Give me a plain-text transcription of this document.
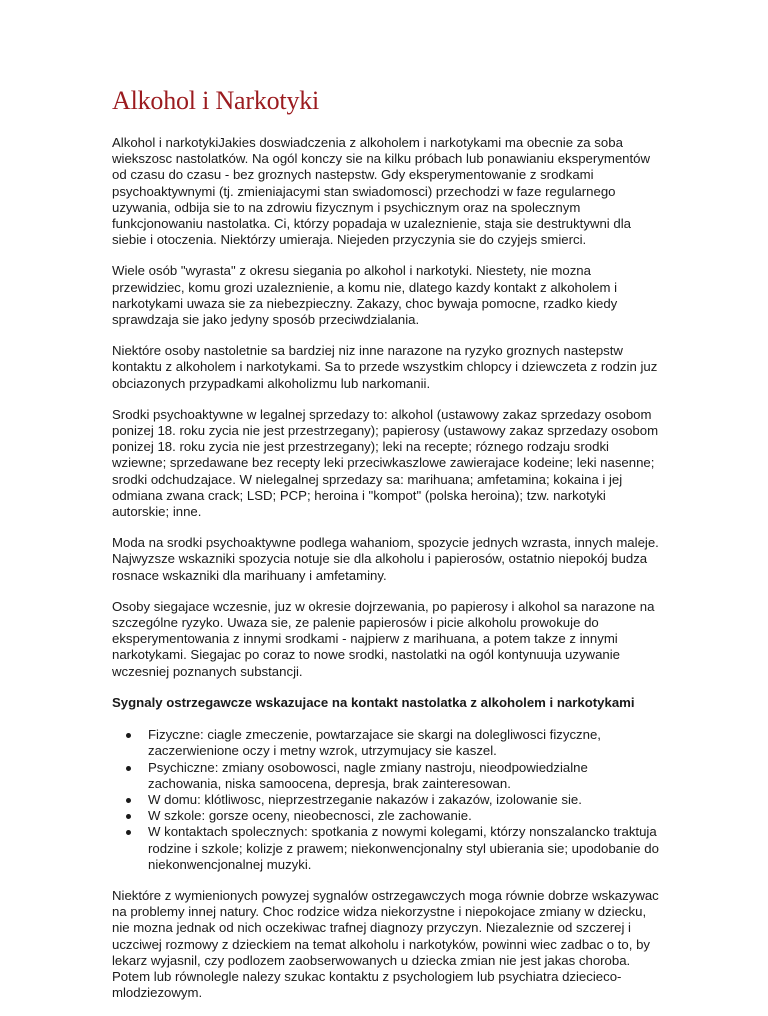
Alkohol i Narkotyki

Alkohol i narkotykiJakies doswiadczenia z alkoholem i narkotykami ma obecnie za soba wiekszosc nastolatków. Na ogól konczy sie na kilku próbach lub ponawianiu eksperymentów od czasu do czasu - bez groznych nastepstw. Gdy eksperymentowanie z srodkami psychoaktywnymi (tj. zmieniajacymi stan swiadomosci) przechodzi w faze regularnego uzywania, odbija sie to na zdrowiu fizycznym i psychicznym oraz na spolecznym funkcjonowaniu nastolatka. Ci, którzy popadaja w uzaleznienie, staja sie destruktywni dla siebie i otoczenia. Niektórzy umieraja. Niejeden przyczynia sie do czyjejs smierci.

Wiele osób "wyrasta" z okresu siegania po alkohol i narkotyki. Niestety, nie mozna przewidziec, komu grozi uzaleznienie, a komu nie, dlatego kazdy kontakt z alkoholem i narkotykami uwaza sie za niebezpieczny. Zakazy, choc bywaja pomocne, rzadko kiedy sprawdzaja sie jako jedyny sposób przeciwdzialania.

Niektóre osoby nastoletnie sa bardziej niz inne narazone na ryzyko groznych nastepstw kontaktu z alkoholem i narkotykami. Sa to przede wszystkim chlopcy i dziewczeta z rodzin juz obciazonych przypadkami alkoholizmu lub narkomanii.

Srodki psychoaktywne w legalnej sprzedazy to: alkohol (ustawowy zakaz sprzedazy osobom ponizej 18. roku zycia nie jest przestrzegany); papierosy (ustawowy zakaz sprzedazy osobom ponizej 18. roku zycia nie jest przestrzegany); leki na recepte; róznego rodzaju srodki wziewne; sprzedawane bez recepty leki przeciwkaszlowe zawierajace kodeine; leki nasenne; srodki odchudzajace. W nielegalnej sprzedazy sa: marihuana; amfetamina; kokaina i jej odmiana zwana crack; LSD; PCP; heroina i "kompot" (polska heroina); tzw. narkotyki autorskie; inne.

Moda na srodki psychoaktywne podlega wahaniom, spozycie jednych wzrasta, innych maleje. Najwyzsze wskazniki spozycia notuje sie dla alkoholu i papierosów, ostatnio niepokój budza rosnace wskazniki dla marihuany i amfetaminy.

Osoby siegajace wczesnie, juz w okresie dojrzewania, po papierosy i alkohol sa narazone na szczególne ryzyko. Uwaza sie, ze palenie papierosów i picie alkoholu prowokuje do eksperymentowania z innymi srodkami - najpierw z marihuana, a potem takze z innymi narkotykami. Siegajac po coraz to nowe srodki, nastolatki na ogól kontynuuja uzywanie wczesniej poznanych substancji.

Sygnaly ostrzegawcze wskazujace na kontakt nastolatka z alkoholem i narkotykami
Fizyczne: ciagle zmeczenie, powtarzajace sie skargi na dolegliwosci fizyczne, zaczerwienione oczy i metny wzrok, utrzymujacy sie kaszel.
Psychiczne: zmiany osobowosci, nagle zmiany nastroju, nieodpowiedzialne zachowania, niska samoocena, depresja, brak zainteresowan.
W domu: klótliwosc, nieprzestrzeganie nakazów i zakazów, izolowanie sie.
W szkole: gorsze oceny, nieobecnosci, zle zachowanie.
W kontaktach spolecznych: spotkania z nowymi kolegami, którzy nonszalancko traktuja rodzine i szkole; kolizje z prawem; niekonwencjonalny styl ubierania sie; upodobanie do niekonwencjonalnej muzyki.

Niektóre z wymienionych powyzej sygnalów ostrzegawczych moga równie dobrze wskazywac na problemy innej natury. Choc rodzice widza niekorzystne i niepokojace zmiany w dziecku, nie mozna jednak od nich oczekiwac trafnej diagnozy przyczyn. Niezaleznie od szczerej i uczciwej rozmowy z dzieckiem na temat alkoholu i narkotyków, powinni wiec zadbac o to, by lekarz wyjasnil, czy podlozem zaobserwowanych u dziecka zmian nie jest jakas choroba. Potem lub równolegle nalezy szukac kontaktu z psychologiem lub psychiatra dziecieco-mlodziezowym.
